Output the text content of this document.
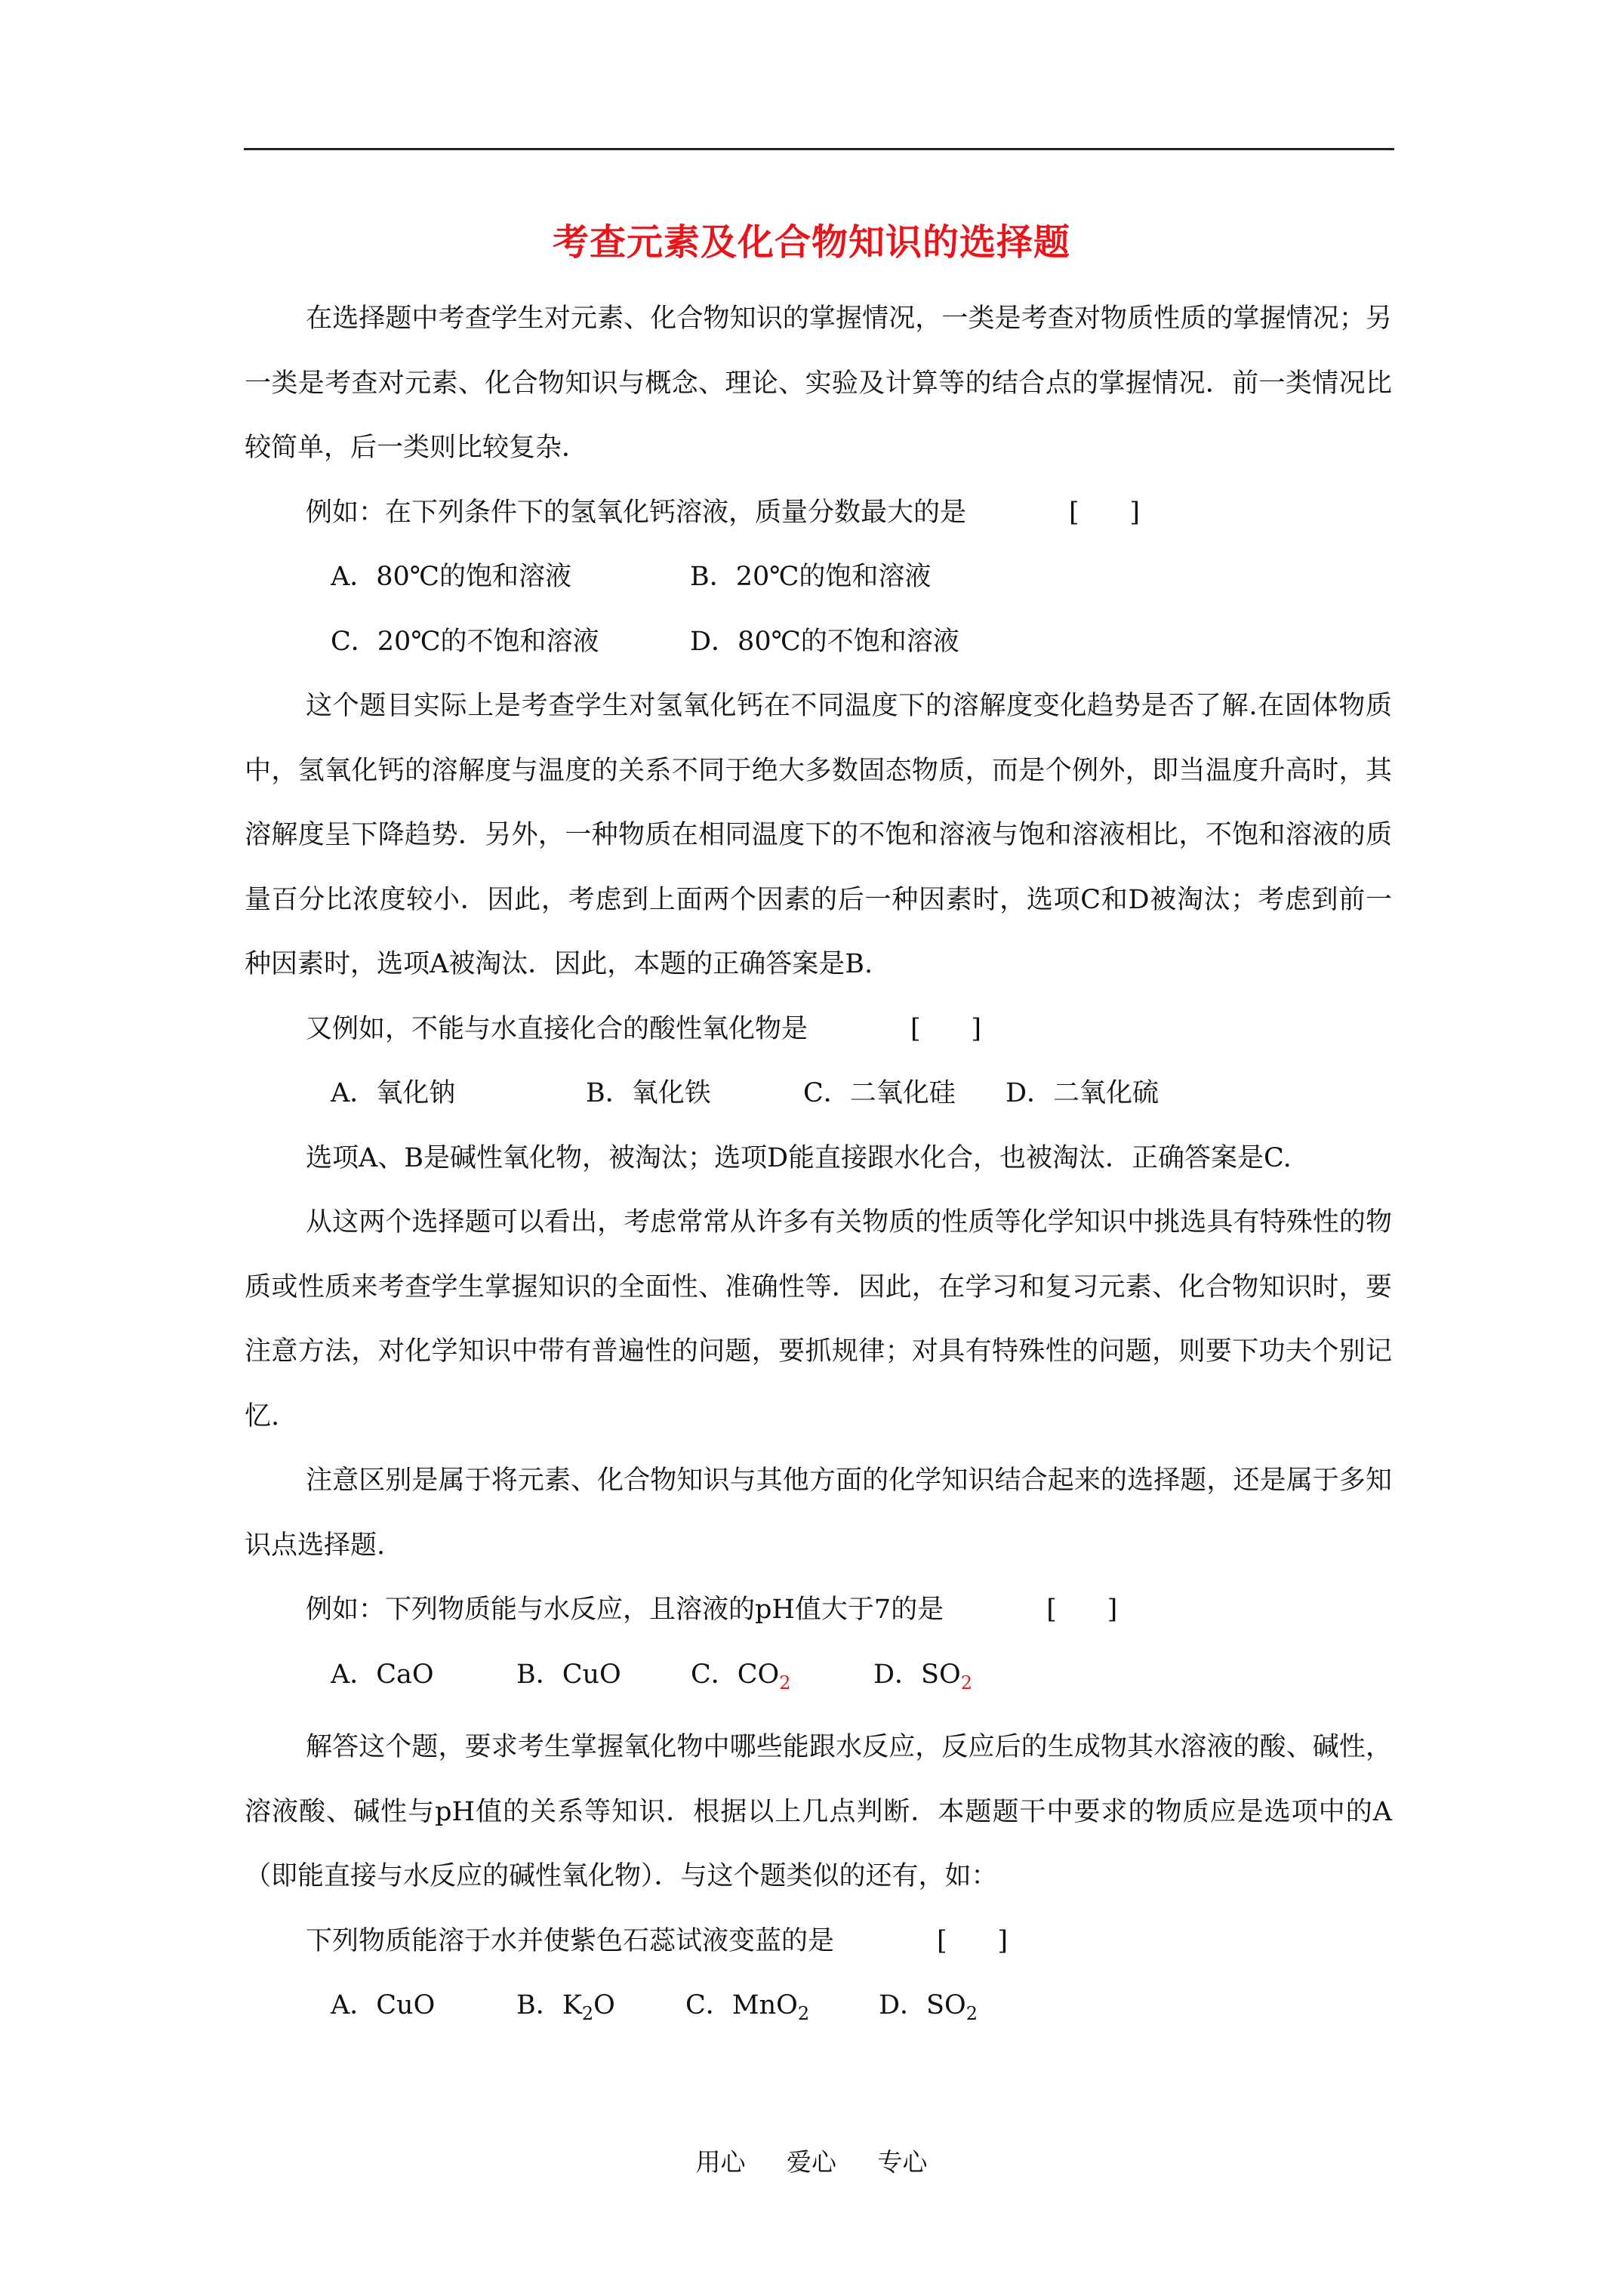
考查元素及化合物知识的选择题

在选择题中考查学生对元素、化合物知识的掌握情况，一类是考查对物质性质的掌握情况；另一类是考查对元素、化合物知识与概念、理论、实验及计算等的结合点的掌握情况．前一类情况比较简单，后一类则比较复杂．

例如：在下列条件下的氢氧化钙溶液，质量分数最大的是	[      ]

A．80℃的饱和溶液	B．20℃的饱和溶液

C．20℃的不饱和溶液	D．80℃的不饱和溶液

这个题目实际上是考查学生对氢氧化钙在不同温度下的溶解度变化趋势是否了解.在固体物质中，氢氧化钙的溶解度与温度的关系不同于绝大多数固态物质，而是个例外，即当温度升高时，其溶解度呈下降趋势．另外，一种物质在相同温度下的不饱和溶液与饱和溶液相比，不饱和溶液的质量百分比浓度较小．因此，考虑到上面两个因素的后一种因素时，选项C和D被淘汰；考虑到前一种因素时，选项A被淘汰．因此，本题的正确答案是B.

又例如，不能与水直接化合的酸性氧化物是	[      ]

A．氧化钠	B．氧化铁	C．二氧化硅 D．二氧化硫

选项A、B是碱性氧化物，被淘汰；选项D能直接跟水化合，也被淘汰．正确答案是C.

从这两个选择题可以看出，考虑常常从许多有关物质的性质等化学知识中挑选具有特殊性的物质或性质来考查学生掌握知识的全面性、准确性等．因此，在学习和复习元素、化合物知识时，要注意方法，对化学知识中带有普遍性的问题，要抓规律；对具有特殊性的问题，则要下功夫个别记忆.

注意区别是属于将元素、化合物知识与其他方面的化学知识结合起来的选择题，还是属于多知识点选择题.

例如：下列物质能与水反应，且溶液的pH值大于7的是	[      ]

A．CaO	B．CuO	C．$CO_2$	D．$SO_2$

解答这个题，要求考生掌握氧化物中哪些能跟水反应，反应后的生成物其水溶液的酸、碱性，溶液酸、碱性与pH值的关系等知识．根据以上几点判断．本题题干中要求的物质应是选项中的A（即能直接与水反应的碱性氧化物）．与这个题类似的还有，如：

下列物质能溶于水并使紫色石蕊试液变蓝的是	[      ]

A．CuO	B．$K_2O$	C．MnO$_2$	D．$SO_2$

用心 爱心 专心
